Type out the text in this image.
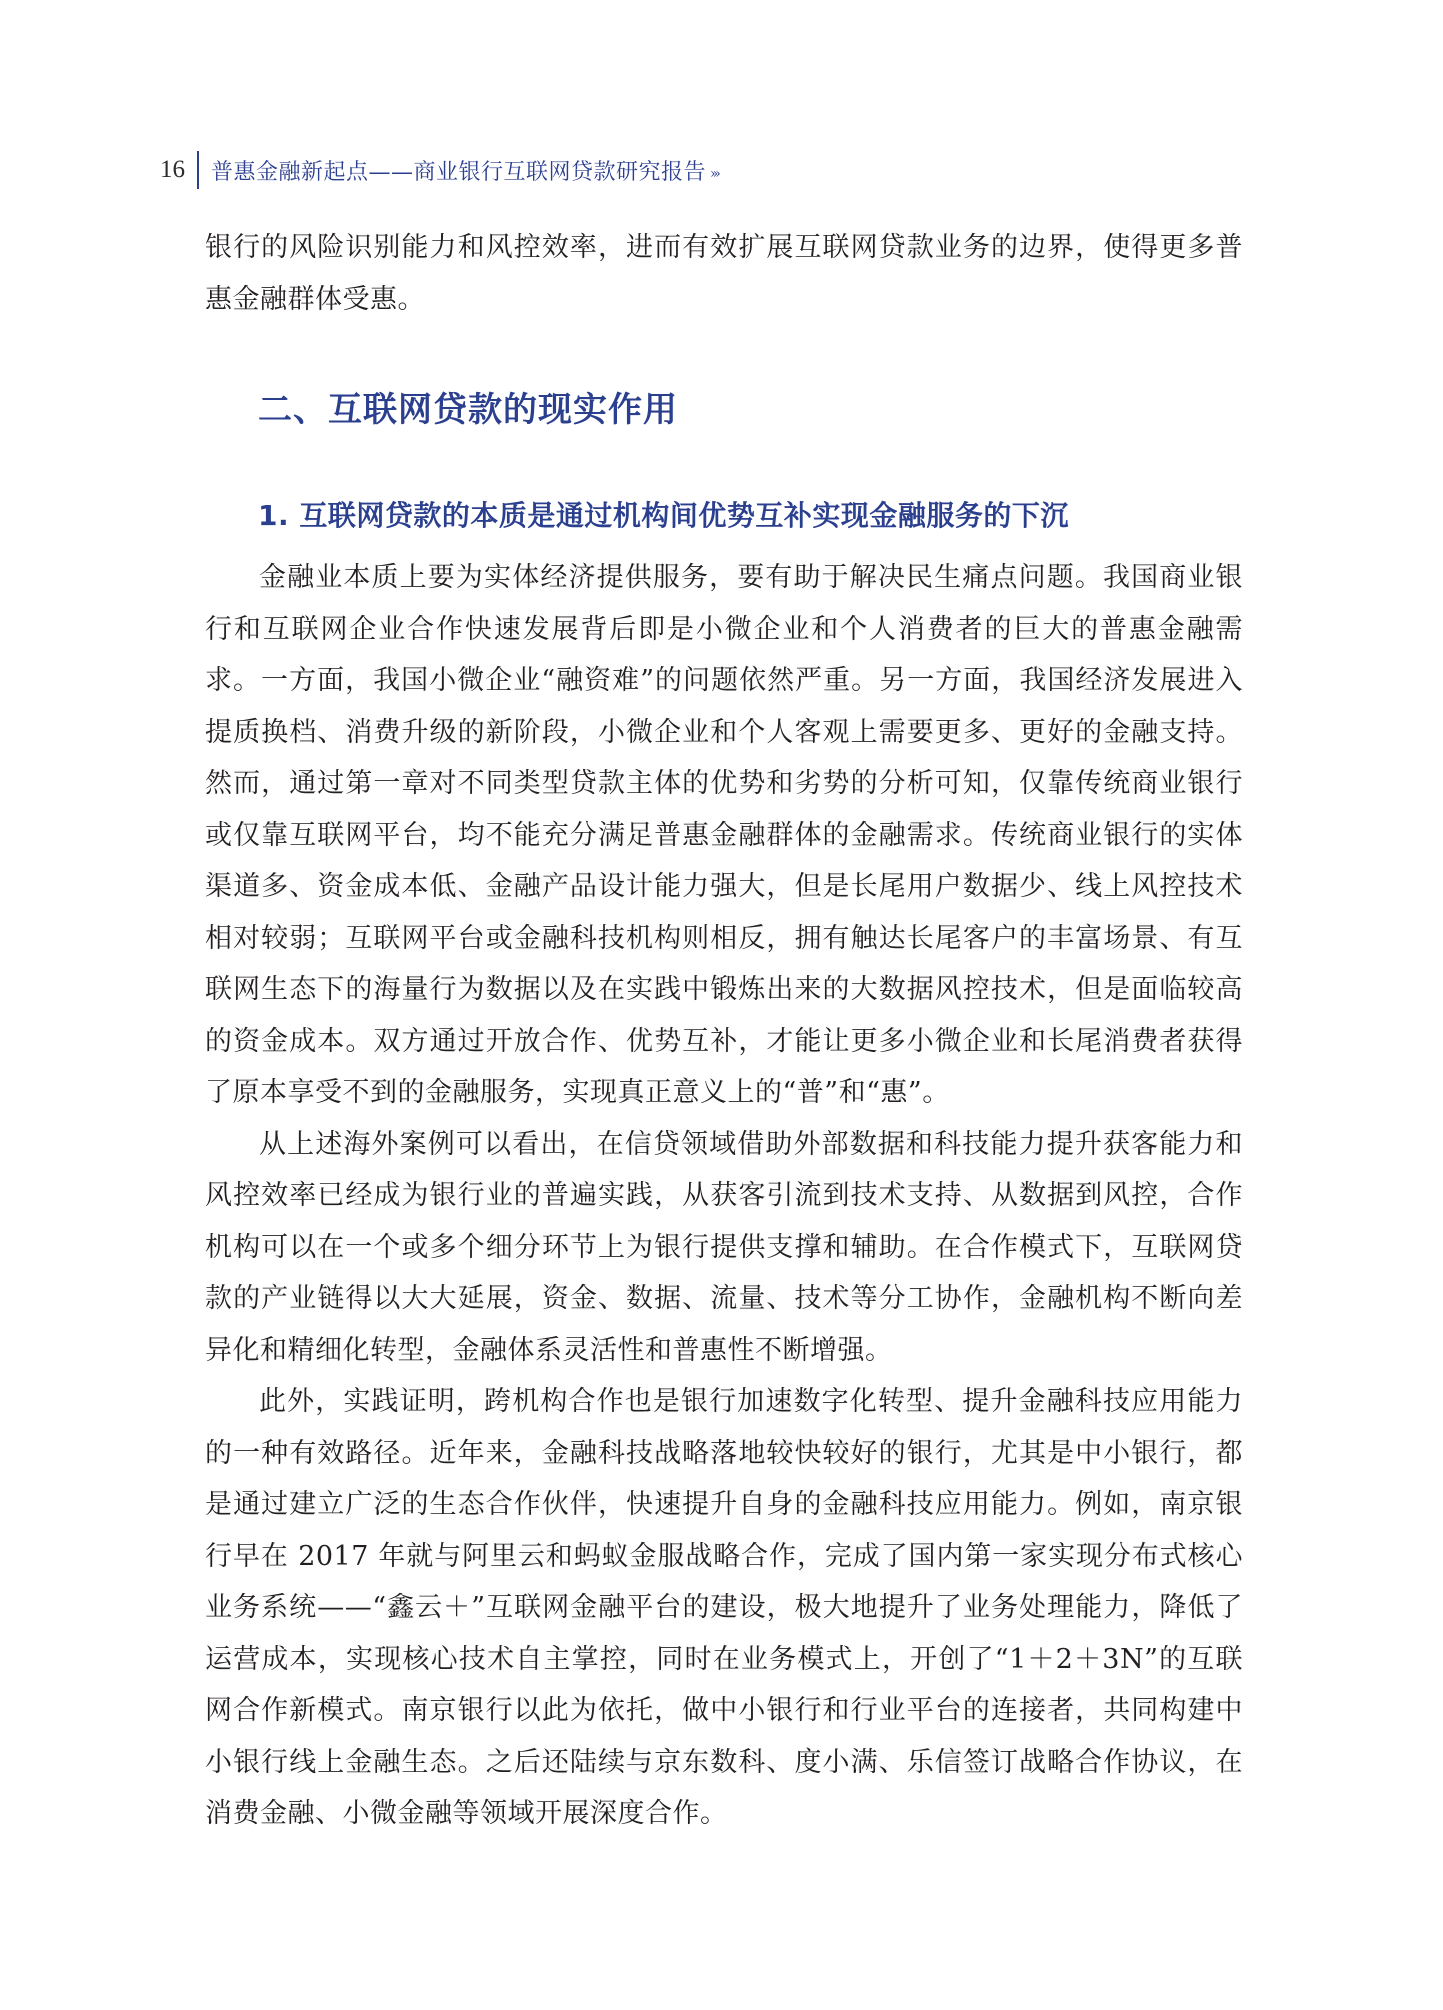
16 普惠金融新起点——商业银行互联网贷款研究报告 ›››

银行的风险识别能力和风控效率，进而有效扩展互联网贷款业务的边界，使得更多普惠金融群体受惠。

二、互联网贷款的现实作用
1. 互联网贷款的本质是通过机构间优势互补实现金融服务的下沉

金融业本质上要为实体经济提供服务，要有助于解决民生痛点问题。我国商业银行和互联网企业合作快速发展背后即是小微企业和个人消费者的巨大的普惠金融需求。一方面，我国小微企业“融资难”的问题依然严重。另一方面，我国经济发展进入提质换档、消费升级的新阶段，小微企业和个人客观上需要更多、更好的金融支持。然而，通过第一章对不同类型贷款主体的优势和劣势的分析可知，仅靠传统商业银行或仅靠互联网平台，均不能充分满足普惠金融群体的金融需求。传统商业银行的实体渠道多、资金成本低、金融产品设计能力强大，但是长尾用户数据少、线上风控技术相对较弱；互联网平台或金融科技机构则相反，拥有触达长尾客户的丰富场景、有互联网生态下的海量行为数据以及在实践中锻炼出来的大数据风控技术，但是面临较高的资金成本。双方通过开放合作、优势互补，才能让更多小微企业和长尾消费者获得了原本享受不到的金融服务，实现真正意义上的“普”和“惠”。

从上述海外案例可以看出，在信贷领域借助外部数据和科技能力提升获客能力和风控效率已经成为银行业的普遍实践，从获客引流到技术支持、从数据到风控，合作机构可以在一个或多个细分环节上为银行提供支撑和辅助。在合作模式下，互联网贷款的产业链得以大大延展，资金、数据、流量、技术等分工协作，金融机构不断向差异化和精细化转型，金融体系灵活性和普惠性不断增强。

此外，实践证明，跨机构合作也是银行加速数字化转型、提升金融科技应用能力的一种有效路径。近年来，金融科技战略落地较快较好的银行，尤其是中小银行，都是通过建立广泛的生态合作伙伴，快速提升自身的金融科技应用能力。例如，南京银行早在 2017 年就与阿里云和蚂蚁金服战略合作，完成了国内第一家实现分布式核心业务系统——“鑫云＋”互联网金融平台的建设，极大地提升了业务处理能力，降低了运营成本，实现核心技术自主掌控，同时在业务模式上，开创了“1＋2＋3N”的互联网合作新模式。南京银行以此为依托，做中小银行和行业平台的连接者，共同构建中小银行线上金融生态。之后还陆续与京东数科、度小满、乐信签订战略合作协议，在消费金融、小微金融等领域开展深度合作。
